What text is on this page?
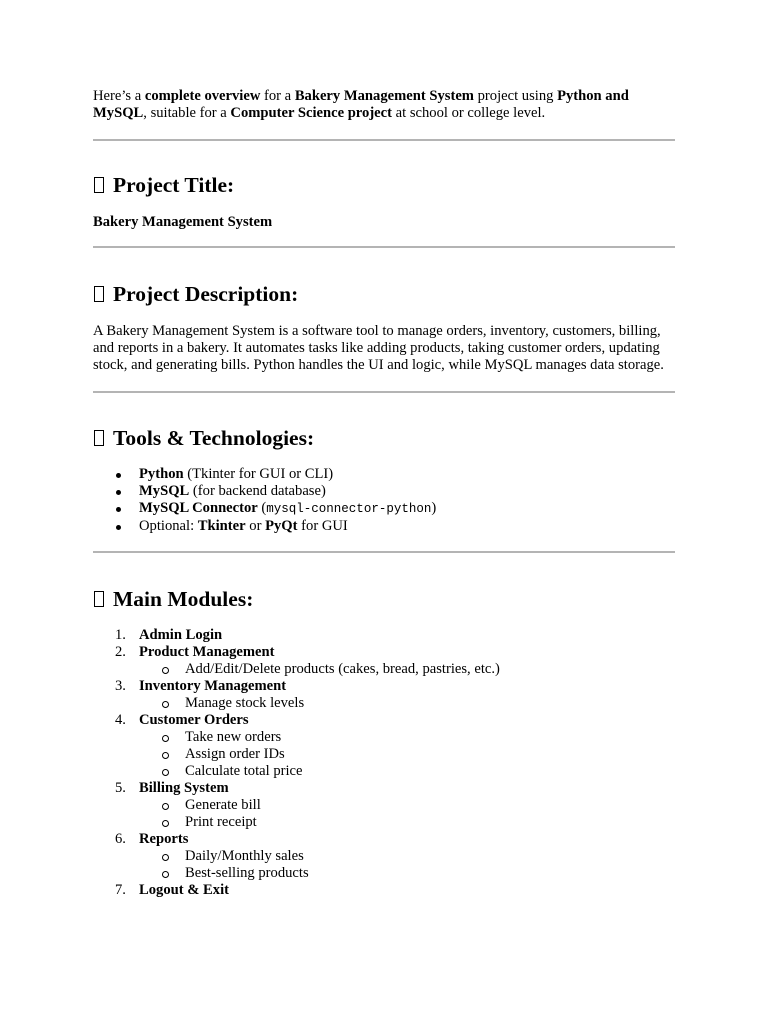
Here’s a complete overview for a Bakery Management System project using Python and MySQL, suitable for a Computer Science project at school or college level.

Project Title:

Bakery Management System

Project Description:

A Bakery Management System is a software tool to manage orders, inventory, customers, billing, and reports in a bakery. It automates tasks like adding products, taking customer orders, updating stock, and generating bills. Python handles the UI and logic, while MySQL manages data storage.

Tools & Technologies:
Python (Tkinter for GUI or CLI)
MySQL (for backend database)
MySQL Connector (mysql-connector-python)
Optional: Tkinter or PyQt for GUI
Main Modules:
1. Admin Login
2. Product Management
Add/Edit/Delete products (cakes, bread, pastries, etc.)
3. Inventory Management
Manage stock levels
4. Customer Orders
Take new orders
Assign order IDs
Calculate total price
5. Billing System
Generate bill
Print receipt
6. Reports
Daily/Monthly sales
Best-selling products
7. Logout & Exit
